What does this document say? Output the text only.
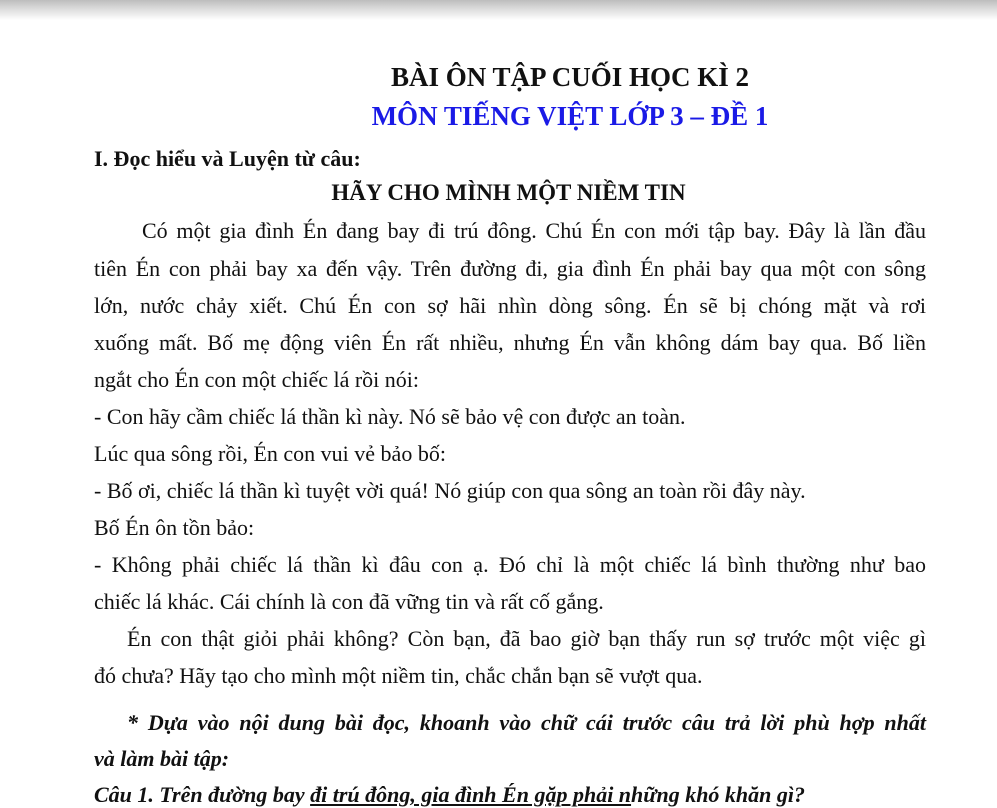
BÀI ÔN TẬP CUỐI HỌC KÌ 2
MÔN TIẾNG VIỆT LỚP 3 – ĐỀ 1
I. Đọc hiểu và Luyện từ câu:
HÃY CHO MÌNH MỘT NIỀM TIN
Có một gia đình Én đang bay đi trú đông. Chú Én con mới tập bay. Đây là lần đầu
tiên Én con phải bay xa đến vậy. Trên đường đi, gia đình Én phải bay qua một con sông
lớn, nước chảy xiết. Chú Én con sợ hãi nhìn dòng sông. Én sẽ bị chóng mặt và rơi
xuống mất. Bố mẹ động viên Én rất nhiều, nhưng Én vẫn không dám bay qua. Bố liền
ngắt cho Én con một chiếc lá rồi nói:
- Con hãy cầm chiếc lá thần kì này. Nó sẽ bảo vệ con được an toàn.
Lúc qua sông rồi, Én con vui vẻ bảo bố:
- Bố ơi, chiếc lá thần kì tuyệt vời quá! Nó giúp con qua sông an toàn rồi đây này.
Bố Én ôn tồn bảo:
- Không phải chiếc lá thần kì đâu con ạ. Đó chỉ là một chiếc lá bình thường như bao
chiếc lá khác. Cái chính là con đã vững tin và rất cố gắng.
Én con thật giỏi phải không? Còn bạn, đã bao giờ bạn thấy run sợ trước một việc gì
đó chưa? Hãy tạo cho mình một niềm tin, chắc chắn bạn sẽ vượt qua.
* Dựa vào nội dung bài đọc, khoanh vào chữ cái trước câu trả lời phù hợp nhất
và làm bài tập:
Câu 1. Trên đường bay đi trú đông, gia đình Én gặp phải những khó khăn gì?
